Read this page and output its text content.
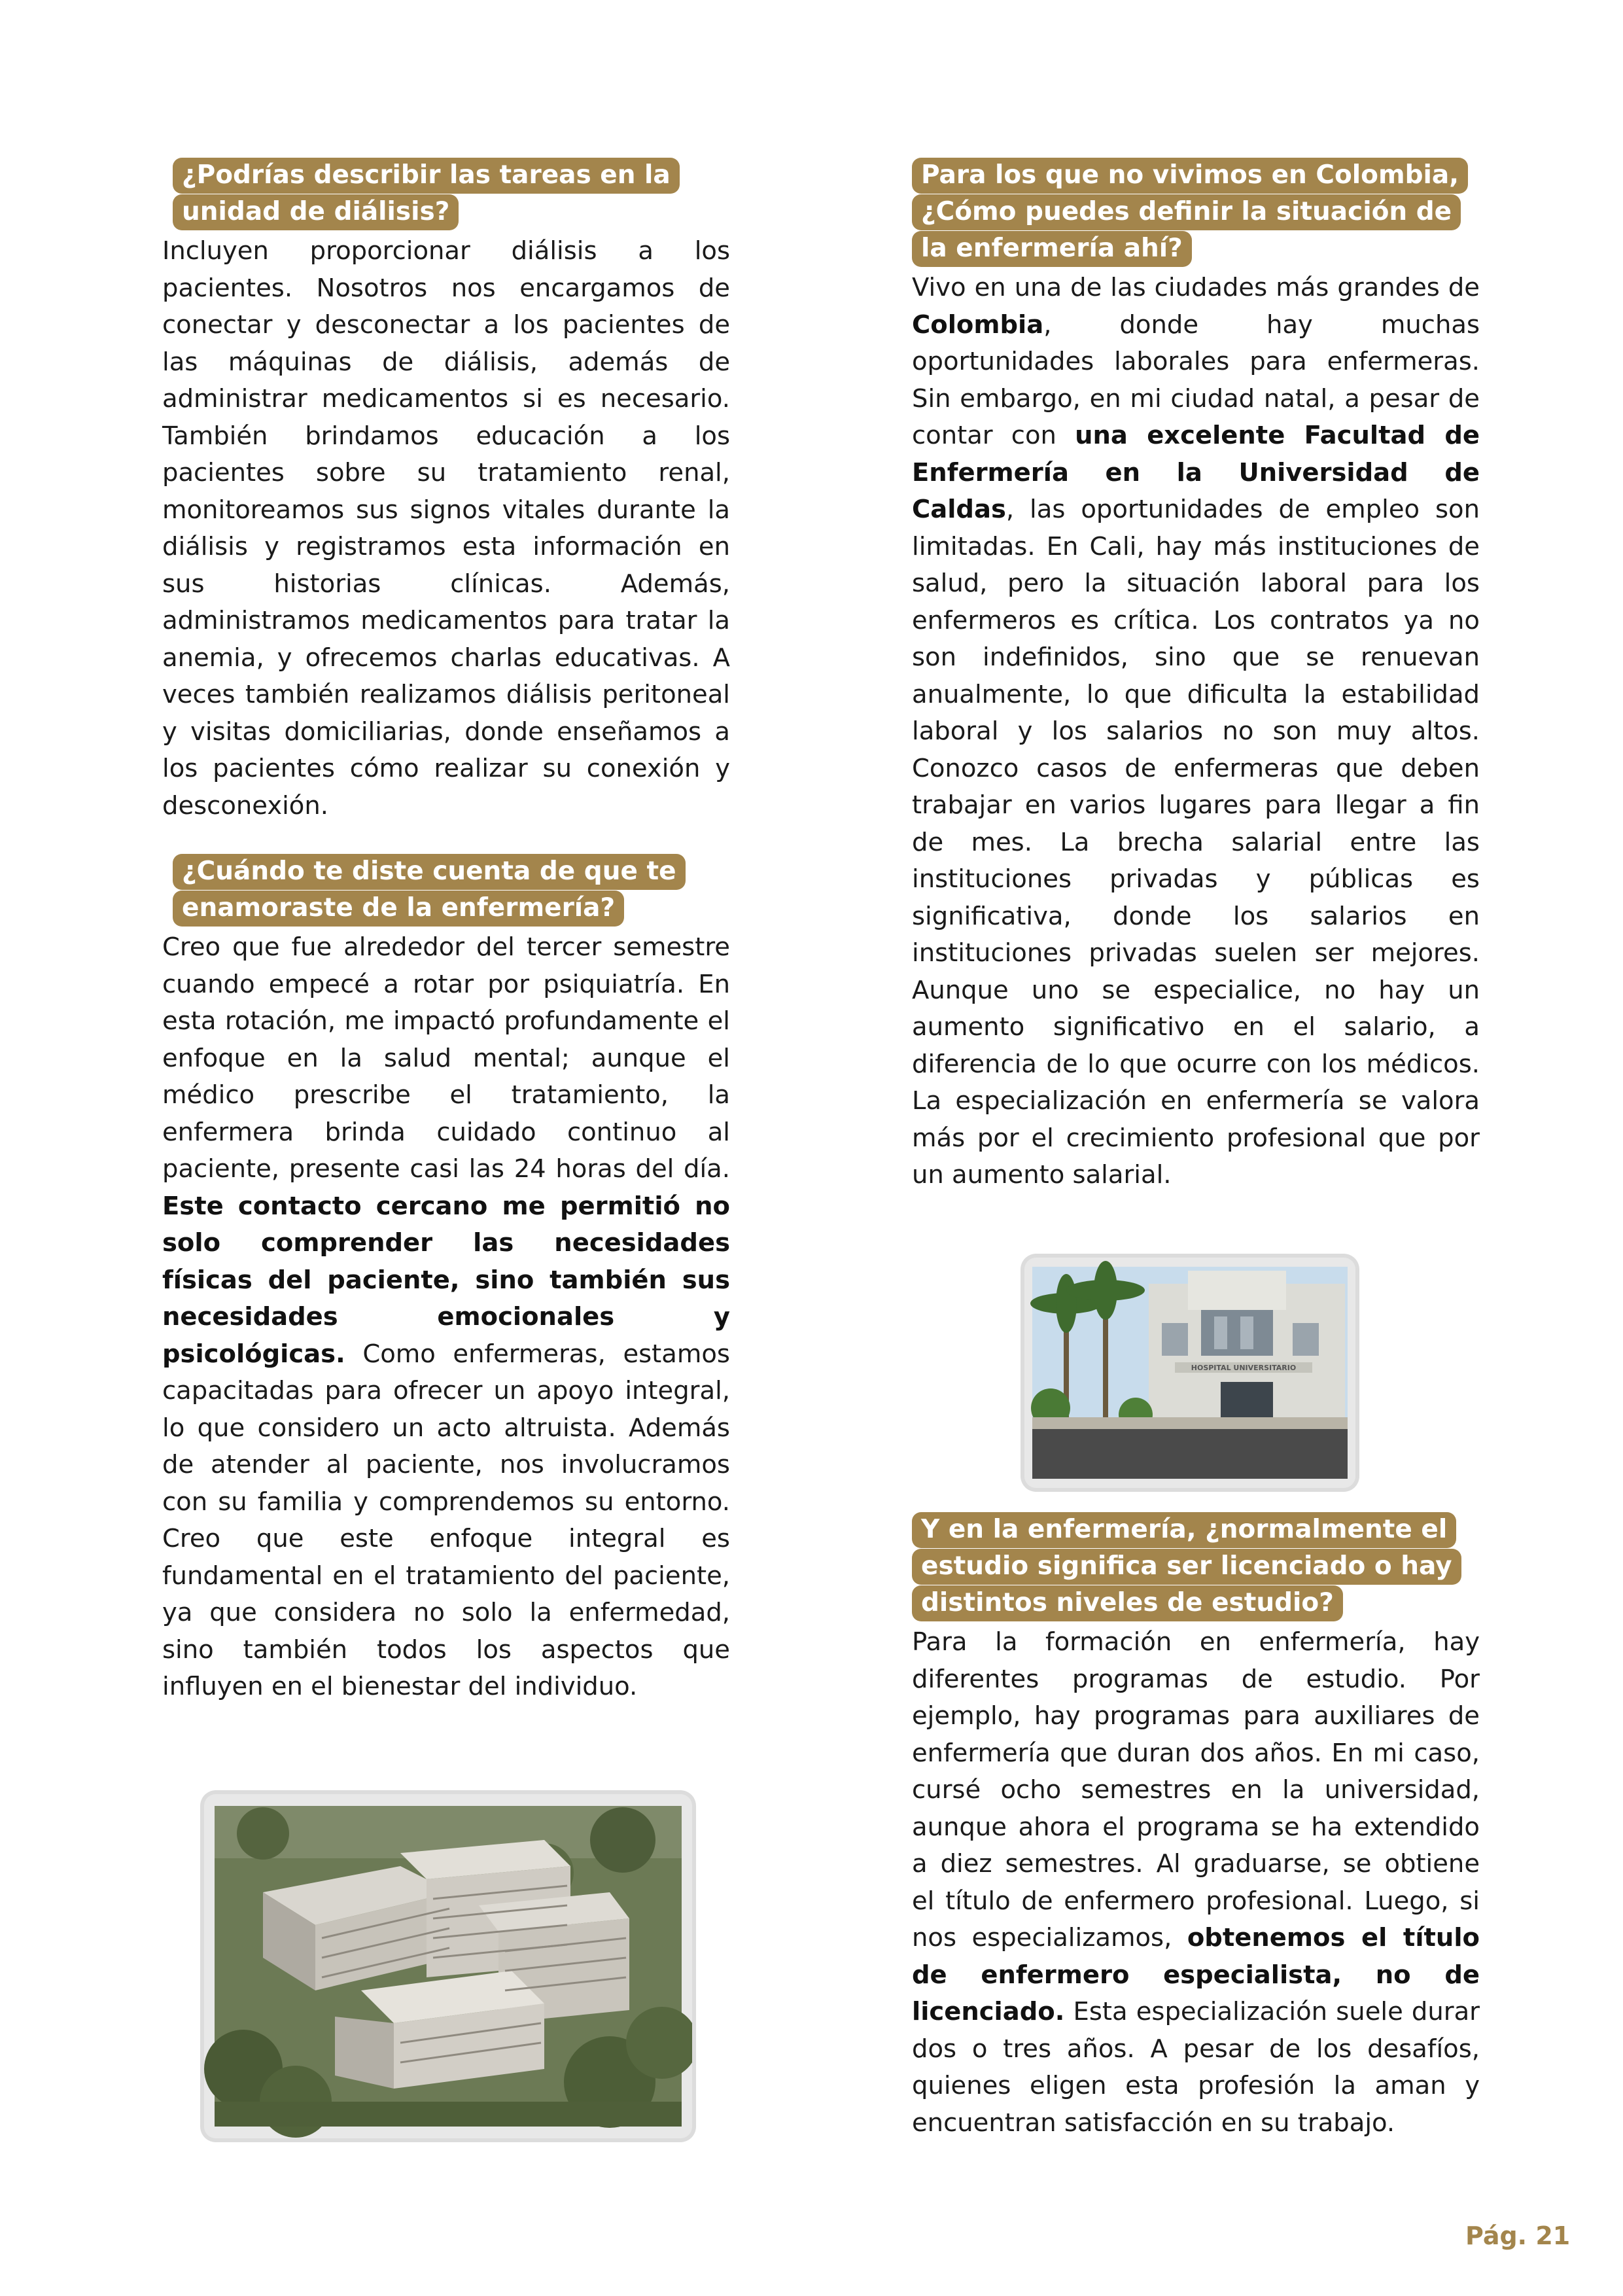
¿Podrías describir las tareas en la unidad de diálisis?

Incluyen proporcionar diálisis a los pacientes. Nosotros nos encargamos de conectar y desconectar a los pacientes de las máquinas de diálisis, además de administrar medicamentos si es necesario. También brindamos educación a los pacientes sobre su tratamiento renal, monitoreamos sus signos vitales durante la diálisis y registramos esta información en sus historias clínicas. Además, administramos medicamentos para tratar la anemia, y ofrecemos charlas educativas. A veces también realizamos diálisis peritoneal y visitas domiciliarias, donde enseñamos a los pacientes cómo realizar su conexión y desconexión.

¿Cuándo te diste cuenta de que te enamoraste de la enfermería?

Creo que fue alrededor del tercer semestre cuando empecé a rotar por psiquiatría. En esta rotación, me impactó profundamente el enfoque en la salud mental; aunque el médico prescribe el tratamiento, la enfermera brinda cuidado continuo al paciente, presente casi las 24 horas del día. Este contacto cercano me permitió no solo comprender las necesidades físicas del paciente, sino también sus necesidades emocionales y psicológicas. Como enfermeras, estamos capacitadas para ofrecer un apoyo integral, lo que considero un acto altruista. Además de atender al paciente, nos involucramos con su familia y comprendemos su entorno. Creo que este enfoque integral es fundamental en el tratamiento del paciente, ya que considera no solo la enfermedad, sino también todos los aspectos que influyen en el bienestar del individuo.

Para los que no vivimos en Colombia, ¿Cómo puedes definir la situación de la enfermería ahí?

Vivo en una de las ciudades más grandes de Colombia, donde hay muchas oportunidades laborales para enfermeras. Sin embargo, en mi ciudad natal, a pesar de contar con una excelente Facultad de Enfermería en la Universidad de Caldas, las oportunidades de empleo son limitadas. En Cali, hay más instituciones de salud, pero la situación laboral para los enfermeros es crítica. Los contratos ya no son indefinidos, sino que se renuevan anualmente, lo que dificulta la estabilidad laboral y los salarios no son muy altos. Conozco casos de enfermeras que deben trabajar en varios lugares para llegar a fin de mes. La brecha salarial entre las instituciones privadas y públicas es significativa, donde los salarios en instituciones privadas suelen ser mejores. Aunque uno se especialice, no hay un aumento significativo en el salario, a diferencia de lo que ocurre con los médicos. La especialización en enfermería se valora más por el crecimiento profesional que por un aumento salarial.

HOSPITAL UNIVERSITARIO
Y en la enfermería, ¿normalmente el estudio significa ser licenciado o hay distintos niveles de estudio?

Para la formación en enfermería, hay diferentes programas de estudio. Por ejemplo, hay programas para auxiliares de enfermería que duran dos años. En mi caso, cursé ocho semestres en la universidad, aunque ahora el programa se ha extendido a diez semestres. Al graduarse, se obtiene el título de enfermero profesional. Luego, si nos especializamos, obtenemos el título de enfermero especialista, no de licenciado. Esta especialización suele durar dos o tres años. A pesar de los desafíos, quienes eligen esta profesión la aman y encuentran satisfacción en su trabajo.

Pág. 21
